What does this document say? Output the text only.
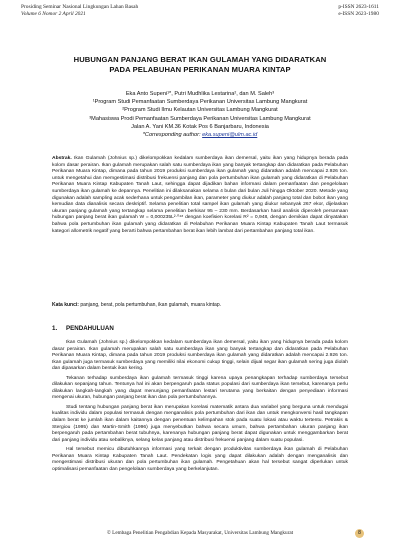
Prosiding Seminar Nasional Lingkungan Lahan Basah
Volume 6 Nomor 2 April 2021
p-ISSN 2623-1611
e-ISSN 2623-1980
HUBUNGAN PANJANG BERAT IKAN GULAMAH YANG DIDARATKAN
PADA PELABUHAN PERIKANAN MUARA KINTAP
Eka Anto Supeni¹*, Putri Mudhlika Lestarina², dan M. Saleh³
¹Program Studi Pemanfaatan Sumberdaya Perikanan Universitas Lambung Mangkurat
²Program Studi Ilmu Kelautan Universitas Lambung Mangkurat
³Mahasiswa Prodi Pemanfaatan Sumberdaya Perikanan Universitas Lambung Mangkurat
Jalan A. Yani KM.36 Kotak Pos 6 Banjarbaru, Indonesia
*Corresponding author: eka.supeni@ulm.ac.id
Abstrak. Ikan Gulamah (Johnius sp.) dikelompokkan kedalam sumberdaya ikan demersal, yaitu ikan yang hidupnya berada pada kolom dasar perairan. Ikan gulamah merupakan salah satu sumberdaya ikan yang banyak tertangkap dan didaratkan pada Pelabuhan Perikanan Muara Kintap, dimana pada tahun 2019 produksi sumberdaya ikan gulamah yang didaratkan adalah mencapai 2.926 ton. untuk mengetahui dan memgestimasi distribusi frekuensi panjang dan pola pertumbuhan ikan gulamah yang didaratkan di Pelabuhan Perikanan Muara Kintap Kabupaten Tanah Laut, sehingga dapat dijadikan bahan informasi dalam pemanfaatan dan pengelolaan sumberdaya ikan gulamah ke depannya. Penelitian ini dilaksanakan selama 4 bulan dari bulan Juli hingga Oktober 2020. Metode yang digunakan adalah sampling acak sederhana untuk pengambilan ikan, parameter yang diukur adalah panjang total dan bobot ikan yang kemudian data dianalisis secara deskriptif. Selama penelitian total sampel ikan gulamah yang diukur sebanyak 267 ekor, dijelaskan ukuran panjang gulamah yang tertangkap selama penelitian berkisar 95 – 230 mm. Berdasarkan hasil analisis diperoleh persamaan hubungan panjang berat ikan gulamah W = 0,000235L²·⁰⁴⁸ dengan koefisien korelasi R² = 0,948, dengan demikian dapat dinyatakan bahwa pola pertumbuhan ikan gulamah yang didaratkan di Pelabuhan Perikanan Muara Kintap Kabupaten Tanah Laut termasuk kategori allometrik negatif yang berarti bahwa pertambahan berat ikan lebih lambat dari pertambahan panjang total ikan.
Kata kunci: panjang, berat, pola pertumbuhan, ikan gulamah, muara kintap.
1. PENDAHULUAN

Ikan Gulamah (Johnius sp.) dikelompokkan kedalam sumberdaya ikan demersal, yaitu ikan yang hidupnya berada pada kolom dasar perairan. Ikan gulamah merupakan salah satu sumberdaya ikan yang banyak tertangkap dan didaratkan pada Pelabuhan Perikanan Muara Kintap, dimana pada tahun 2019 produksi sumberdaya ikan gulamah yang didaratkan adalah mencapai 2.926 ton. Ikan gulamah juga termasuk sumberdaya yang memiliki nilai ekonomi cukup tinggi, selain dijual segar ikan gulamah sering juga diolah dan dipasarkan dalam bentuk ikan kering.

Tekanan terhadap sumberdaya ikan gulamah termasuk tinggi karena upaya penangkapan terhadap sumberdaya tersebut dilakukan sepanjang tahun. Tentunya hal ini akan berpengaruh pada status populasi dari sumberdaya ikan tersebut, karenanya perlu dilakukan langkah-langkah yang dapat menunjang pemanfaatan lestari terutama yang berkaitan dengan penyediaan informasi mengenai ukuran, hubungan panjang berat ikan dan pola pertumbuhannya.

Studi tentang hubungan panjang berat ikan merupakan korelasi matematik antara dua variabel yang berguna untuk mendugai kualitas individu dalam populasi termasuk dengan menganalisis pola pertumbuhan dari ikan dan untuk mengkonversi hasil tangkapan dalam berat ke jumlah ikan dalam kaitannya dengan penentuan kelimpahan stok pada suatu lokasi atau waktu tertentu. Petrakis & Stergiou (1995) dan Martin-Smith (1996) juga menyebutkan bahwa secara umum, bahwa pertambahan ukuran panjang ikan berpengaruh pada pertambahan berat tubuhnya, karenanya hubungan panjang berat dapat digunakan untuk menggambarkan berat dari panjang individu atau sebaliknya, selang kelas panjang atau distribusi frekuensi panjang dalam suatu populasi.

Hal tersebut memicu dibutuhkannya informasi yang terkait dengan produktivitas sumberdaya ikan gulamah di Pelabuhan Perikanan Muara Kintap Kabupaten Tanah Laut. Pendekatan logis yang dapat dilakukan adalah dengan menganalisis dan mengestimasi distribusi ukuran dan pola pertumbuhan ikan gulamah. Pengetahuan akan hal tersebut sangat diperlukan untuk optimalisasi pemanfaatan dan pengelolaan sumberdaya yang berkelanjutan.

© Lembaga Penelitian Pengabdian Kepada Masyarakat, Universitas Lambung Mangkurat	8
